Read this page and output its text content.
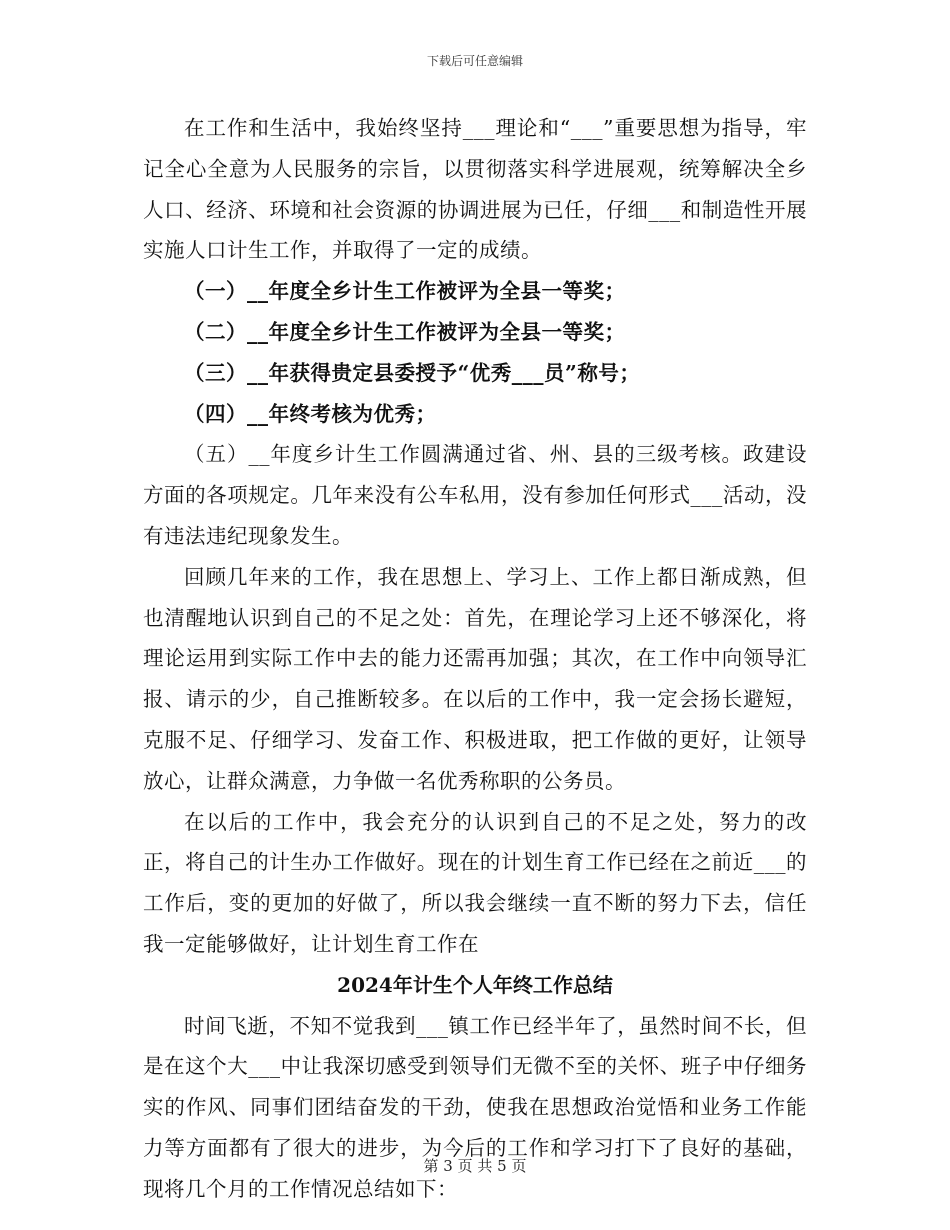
下载后可任意编辑

在工作和生活中，我始终坚持___理论和“___”重要思想为指导，牢记全心全意为人民服务的宗旨，以贯彻落实科学进展观，统筹解决全乡人口、经济、环境和社会资源的协调进展为已任，仔细___和制造性开展实施人口计生工作，并取得了一定的成绩。

（一）__年度全乡计生工作被评为全县一等奖；

（二）__年度全乡计生工作被评为全县一等奖；

（三）__年获得贵定县委授予“优秀___员”称号；

（四）__年终考核为优秀；

（五）__年度乡计生工作圆满通过省、州、县的三级考核。政建设方面的各项规定。几年来没有公车私用，没有参加任何形式___活动，没有违法违纪现象发生。

回顾几年来的工作，我在思想上、学习上、工作上都日渐成熟，但也清醒地认识到自己的不足之处：首先，在理论学习上还不够深化，将理论运用到实际工作中去的能力还需再加强；其次，在工作中向领导汇报、请示的少，自己推断较多。在以后的工作中，我一定会扬长避短，克服不足、仔细学习、发奋工作、积极进取，把工作做的更好，让领导放心，让群众满意，力争做一名优秀称职的公务员。

在以后的工作中，我会充分的认识到自己的不足之处，努力的改正，将自己的计生办工作做好。现在的计划生育工作已经在之前近___的工作后，变的更加的好做了，所以我会继续一直不断的努力下去，信任我一定能够做好，让计划生育工作在

2024年计生个人年终工作总结

时间飞逝，不知不觉我到___镇工作已经半年了，虽然时间不长，但是在这个大___中让我深切感受到领导们无微不至的关怀、班子中仔细务实的作风、同事们团结奋发的干劲，使我在思想政治觉悟和业务工作能力等方面都有了很大的进步，为今后的工作和学习打下了良好的基础，现将几个月的工作情况总结如下：

第 3 页 共 5 页
